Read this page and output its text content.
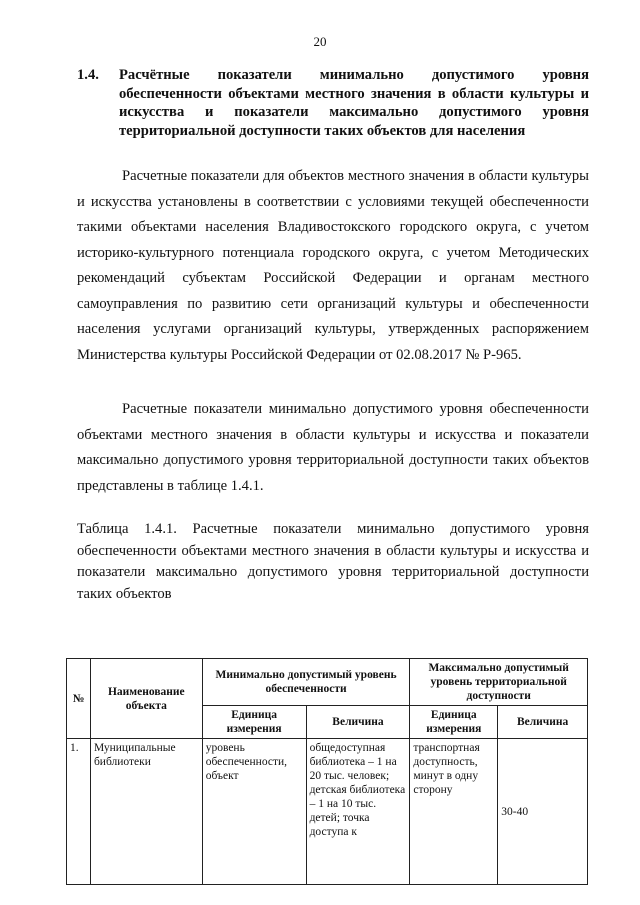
20
1.4.	Расчётные показатели минимально допустимого уровня обеспеченности объектами местного значения в области культуры и искусства и показатели максимально допустимого уровня территориальной доступности таких объектов для населения
Расчетные показатели для объектов местного значения в области культуры и искусства установлены в соответствии с условиями текущей обеспеченности такими объектами населения Владивостокского городского округа, с учетом историко-культурного потенциала городского округа, с учетом Методических рекомендаций субъектам Российской Федерации и органам местного самоуправления по развитию сети организаций культуры и обеспеченности населения услугами организаций культуры, утвержденных распоряжением Министерства культуры Российской Федерации от 02.08.2017 № Р-965.
Расчетные показатели минимально допустимого уровня обеспеченности объектами местного значения в области культуры и искусства и показатели максимально допустимого уровня территориальной доступности таких объектов представлены в таблице 1.4.1.
Таблица 1.4.1. Расчетные показатели минимально допустимого уровня обеспеченности объектами местного значения в области культуры и искусства и показатели максимально допустимого уровня территориальной доступности таких объектов
№	Наименование объекта	Минимально допустимый уровень обеспеченности		Максимально допустимый уровень территориальной доступности	
		Единица измерения	Величина	Единица измерения	Величина
1.	Муниципальные библиотеки	уровень обеспеченности, объект	общедоступная библиотека – 1 на 20 тыс. человек; детская библиотека – 1 на 10 тыс. детей; точка доступа к	транспортная доступность, минут в одну сторону	30-40
